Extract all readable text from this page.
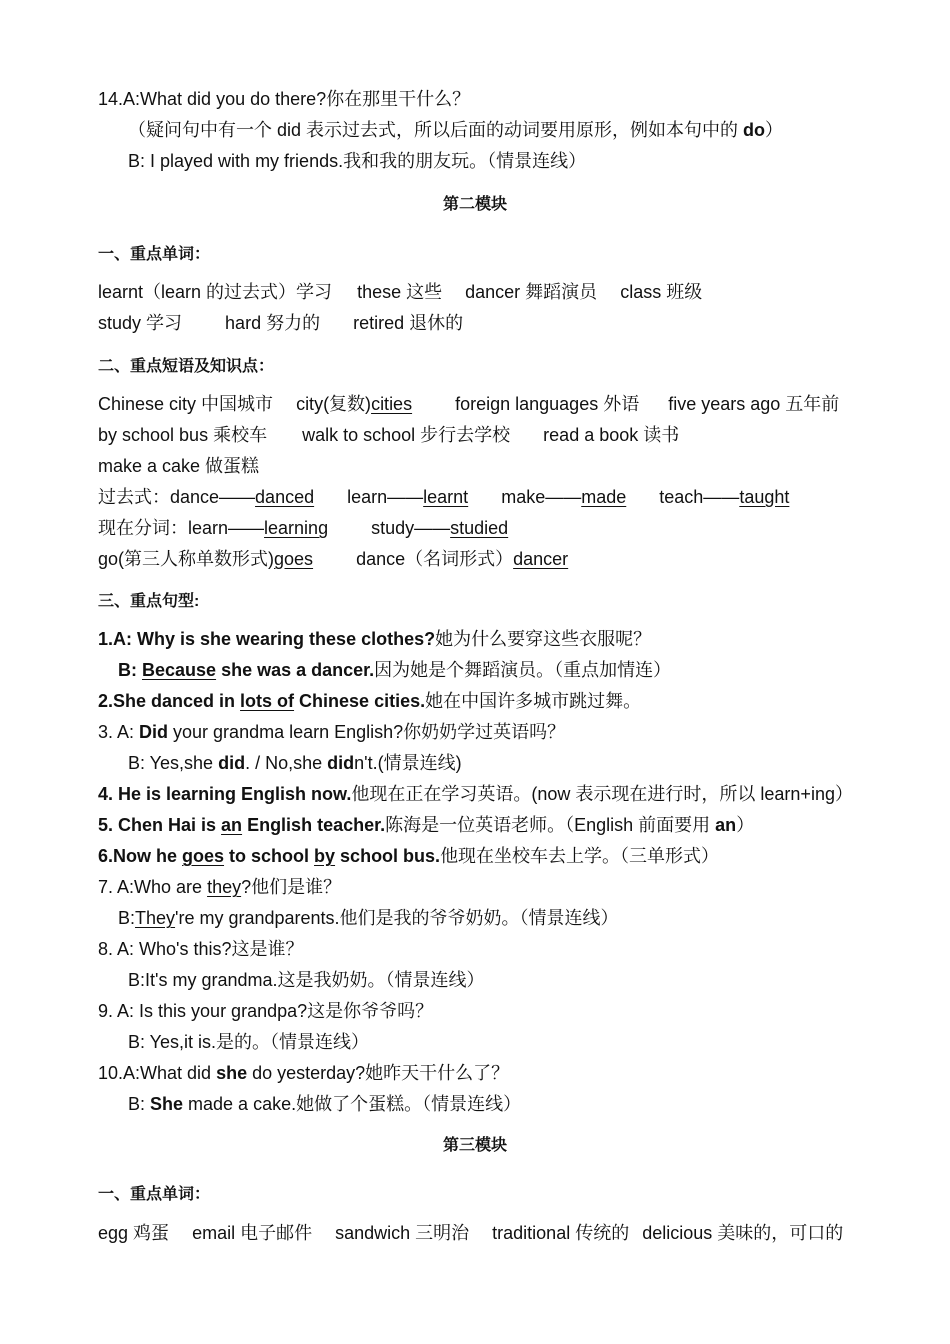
14.A:What did you do there?你在那里干什么？
（疑问句中有一个 did 表示过去式，所以后面的动词要用原形，例如本句中的 do）
B: I played with my friends.我和我的朋友玩。（情景连线）
第二模块
一、重点单词：
learnt（learn 的过去式）学习 these 这些 dancer 舞蹈演员 class 班级
study 学习 hard 努力的 retired 退休的
二、重点短语及知识点：
Chinese city 中国城市 city(复数)cities foreign languages 外语 five years ago 五年前
by school bus 乘校车 walk to school 步行去学校 read a book 读书
make a cake 做蛋糕
过去式：dance——danced learn——learnt make——made teach——taught
现在分词：learn——learning study——studied
go(第三人称单数形式)goes dance（名词形式）dancer
三、重点句型:
1.A: Why is she wearing these clothes?她为什么要穿这些衣服呢？
B: Because she was a dancer.因为她是个舞蹈演员。（重点加情连）
2.She danced in lots of Chinese cities.她在中国许多城市跳过舞。
3. A: Did your grandma learn English?你奶奶学过英语吗？
B: Yes,she did. / No,she didn't.(情景连线)
4. He is learning English now.他现在正在学习英语。(now 表示现在进行时，所以 learn+ing）
5. Chen Hai is an English teacher.陈海是一位英语老师。（English 前面要用 an）
6.Now he goes to school by school bus.他现在坐校车去上学。（三单形式）
7. A:Who are they?他们是谁？
B:They're my grandparents.他们是我的爷爷奶奶。（情景连线）
8. A: Who's this?这是谁？
B:It's my grandma.这是我奶奶。（情景连线）
9. A: Is this your grandpa?这是你爷爷吗？
B: Yes,it is.是的。（情景连线）
10.A:What did she do yesterday?她昨天干什么了？
B: She made a cake.她做了个蛋糕。（情景连线）
第三模块
一、重点单词：
egg 鸡蛋 email 电子邮件 sandwich 三明治 traditional 传统的 delicious 美味的，可口的
